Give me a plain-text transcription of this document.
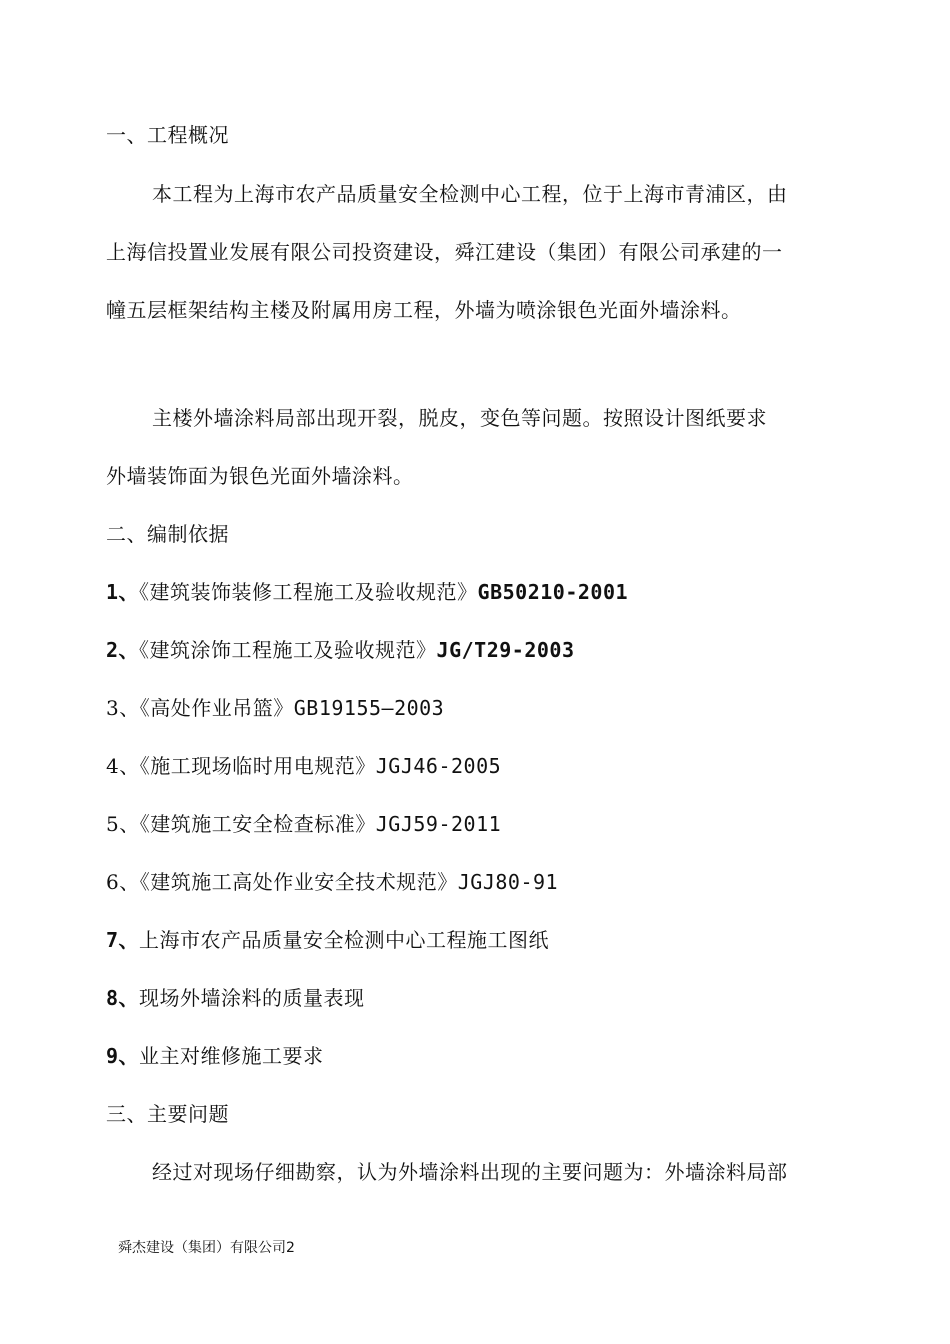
一、工程概况
本工程为上海市农产品质量安全检测中心工程，位于上海市青浦区，由
上海信投置业发展有限公司投资建设，舜江建设（集团）有限公司承建的一
幢五层框架结构主楼及附属用房工程，外墙为喷涂银色光面外墙涂料。
主楼外墙涂料局部出现开裂，脱皮，变色等问题。按照设计图纸要求
外墙装饰面为银色光面外墙涂料。
二、编制依据
1、《建筑装饰装修工程施工及验收规范》GB50210-2001
2、《建筑涂饰工程施工及验收规范》JG/T29-2003
3、《高处作业吊篮》GB19155—2003
4、《施工现场临时用电规范》JGJ46-2005
5、《建筑施工安全检查标准》JGJ59-2011
6、《建筑施工高处作业安全技术规范》JGJ80-91
7、上海市农产品质量安全检测中心工程施工图纸
8、现场外墙涂料的质量表现
9、业主对维修施工要求
三、主要问题
经过对现场仔细勘察，认为外墙涂料出现的主要问题为：外墙涂料局部
舜杰建设（集团）有限公司2
